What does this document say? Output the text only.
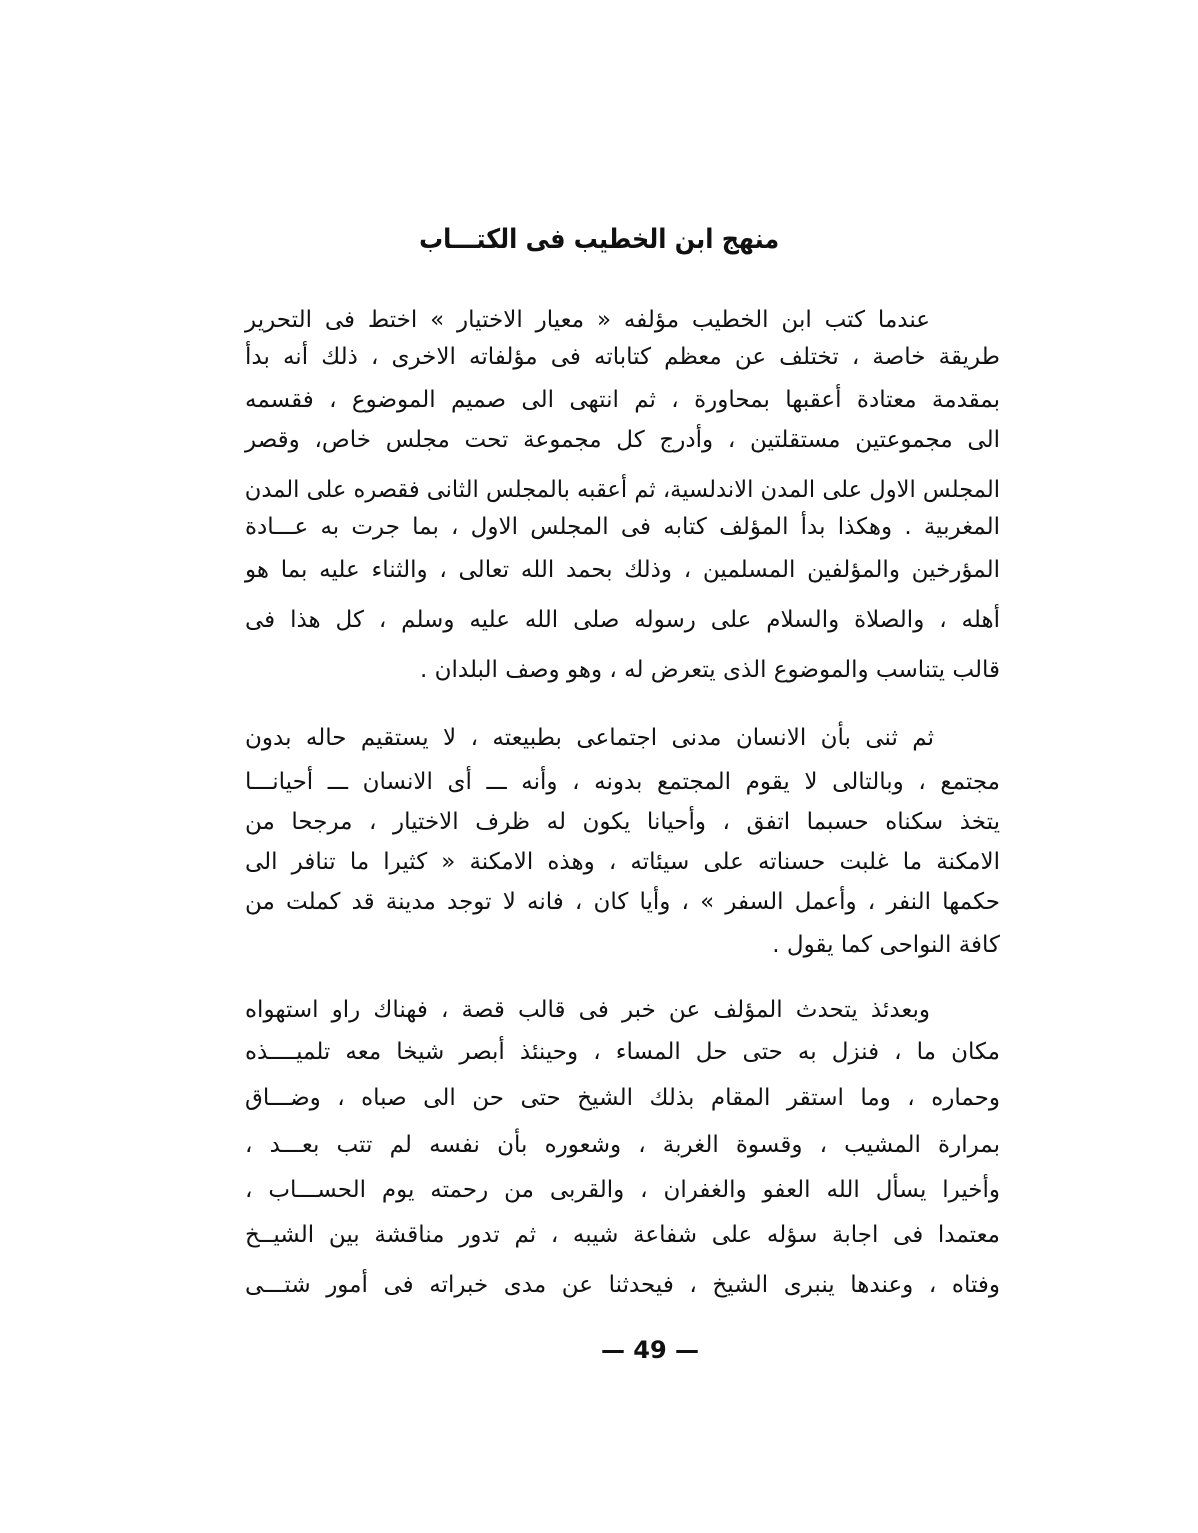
منهج ابن الخطيب فى الكتـــاب
عندما كتب ابن الخطيب مؤلفه « معيار الاختيار » اختط فى التحرير
طريقة خاصة ، تختلف عن معظم كتاباته فى مؤلفاته الاخرى ، ذلك أنه بدأ
بمقدمة معتادة أعقبها بمحاورة ، ثم انتهى الى صميم الموضوع ، فقسمه
الى مجموعتين مستقلتين ، وأدرج كل مجموعة تحت مجلس خاص، وقصر
المجلس الاول على المدن الاندلسية، ثم أعقبه بالمجلس الثانى فقصره على المدن
المغربية . وهكذا بدأ المؤلف كتابه فى المجلس الاول ، بما جرت به عـــادة
المؤرخين والمؤلفين المسلمين ، وذلك بحمد الله تعالى ، والثناء عليه بما هو
أهله ، والصلاة والسلام على رسوله صلى الله عليه وسلم ، كل هذا فى
قالب يتناسب والموضوع الذى يتعرض له ، وهو وصف البلدان .
ثم ثنى بأن الانسان مدنى اجتماعى بطبيعته ، لا يستقيم حاله بدون
مجتمع ، وبالتالى لا يقوم المجتمع بدونه ، وأنه ـــ أى الانسان ـــ أحيانـــا
يتخذ سكناه حسبما اتفق ، وأحيانا يكون له ظرف الاختيار ، مرجحا من
الامكنة ما غلبت حسناته على سيئاته ، وهذه الامكنة « كثيرا ما تنافر الى
حكمها النفر ، وأعمل السفر » ، وأيا كان ، فانه لا توجد مدينة قد كملت من
كافة النواحى كما يقول .
وبعدئذ يتحدث المؤلف عن خبر فى قالب قصة ، فهناك راو استهواه
مكان ما ، فنزل به حتى حل المساء ، وحينئذ أبصر شيخا معه تلميــــذه
وحماره ، وما استقر المقام بذلك الشيخ حتى حن الى صباه ، وضـــاق
بمرارة المشيب ، وقسوة الغربة ، وشعوره بأن نفسه لم تتب بعـــد ،
وأخيرا يسأل الله العفو والغفران ، والقربى من رحمته يوم الحســـاب ،
معتمدا فى اجابة سؤله على شفاعة شيبه ، ثم تدور مناقشة بين الشيــخ
وفتاه ، وعندها ينبرى الشيخ ، فيحدثنا عن مدى خبراته فى أمور شتـــى
— 49 —
